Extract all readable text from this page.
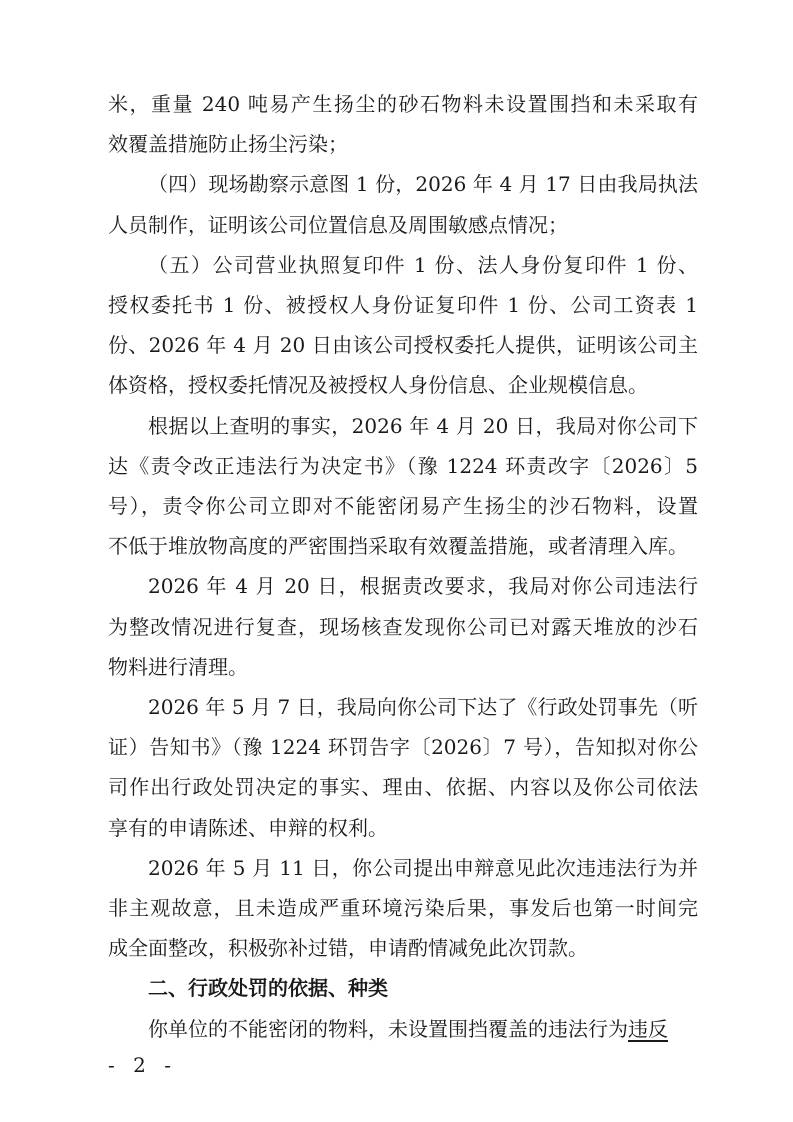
米，重量 240 吨易产生扬尘的砂石物料未设置围挡和未采取有
效覆盖措施防止扬尘污染；
（四）现场勘察示意图 1 份，2026 年 4 月 17 日由我局执法
人员制作，证明该公司位置信息及周围敏感点情况；
（五）公司营业执照复印件 1 份、法人身份复印件 1 份、
授权委托书 1 份、被授权人身份证复印件 1 份、公司工资表 1
份、2026 年 4 月 20 日由该公司授权委托人提供，证明该公司主
体资格，授权委托情况及被授权人身份信息、企业规模信息。
根据以上查明的事实，2026 年 4 月 20 日，我局对你公司下
达《责令改正违法行为决定书》（豫 1224 环责改字〔2026〕5
号），责令你公司立即对不能密闭易产生扬尘的沙石物料，设置
不低于堆放物高度的严密围挡采取有效覆盖措施，或者清理入库。
2026 年 4 月 20 日，根据责改要求，我局对你公司违法行
为整改情况进行复查，现场核查发现你公司已对露天堆放的沙石
物料进行清理。
2026 年 5 月 7 日，我局向你公司下达了《行政处罚事先（听
证）告知书》（豫 1224 环罚告字〔2026〕7 号），告知拟对你公
司作出行政处罚决定的事实、理由、依据、内容以及你公司依法
享有的申请陈述、申辩的权利。
2026 年 5 月 11 日，你公司提出申辩意见此次违违法行为并
非主观故意，且未造成严重环境污染后果，事发后也第一时间完
成全面整改，积极弥补过错，申请酌情减免此次罚款。
二、行政处罚的依据、种类
你单位的不能密闭的物料，未设置围挡覆盖的违法行为违反
- 2 -
